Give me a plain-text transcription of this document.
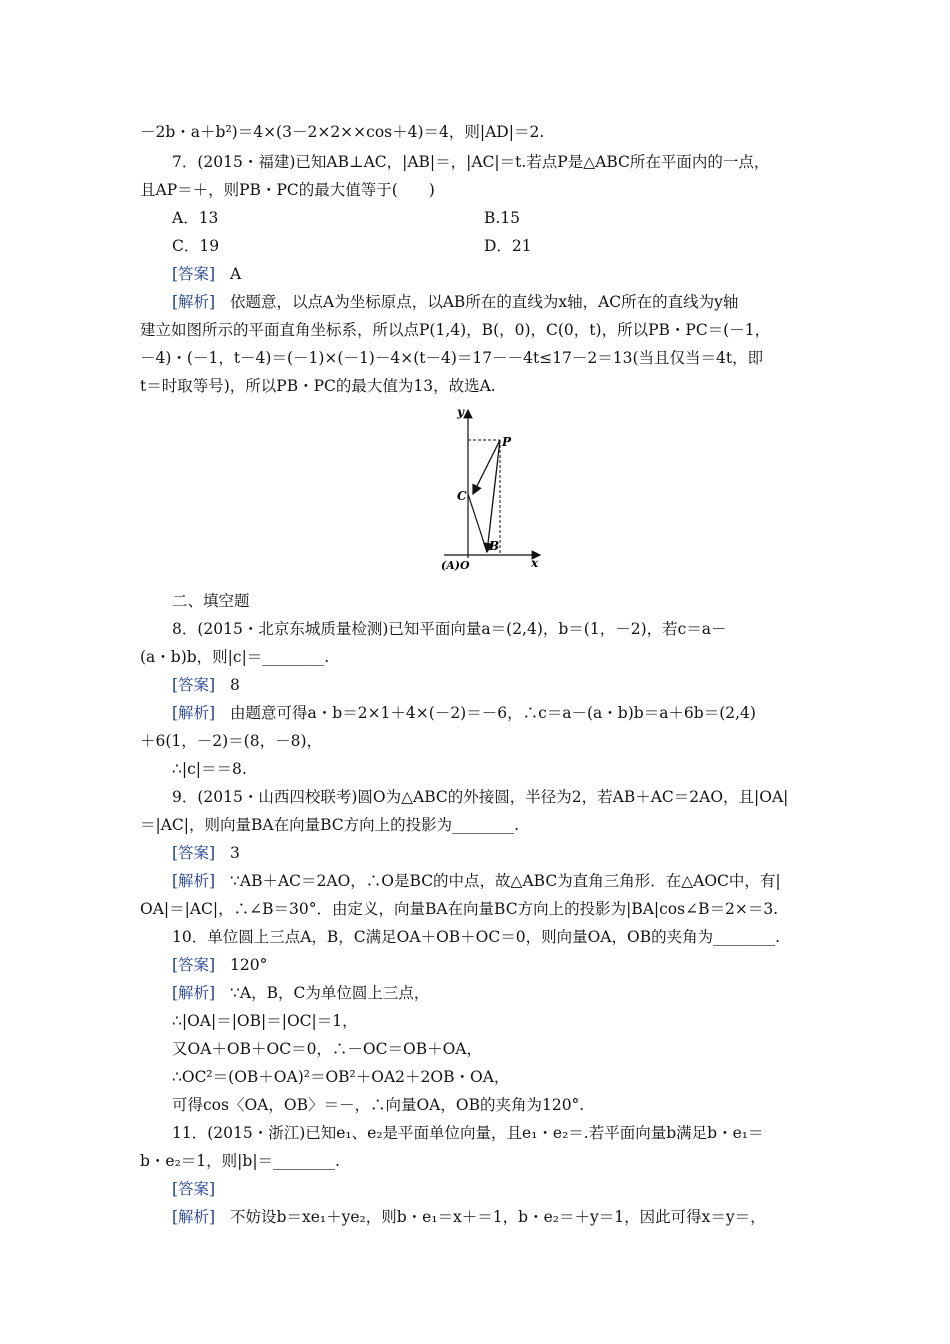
－2b・a＋b²)＝4×(3－2×2××cos＋4)＝4，则|AD|＝2.
7．(2015・福建)已知AB⊥AC，|AB|＝，|AC|＝t.若点P是△ABC所在平面内的一点，
且AP＝＋，则PB・PC的最大值等于(　　)
A．13	B.15
C．19	D．21
[答案] A
[解析] 依题意，以点A为坐标原点，以AB所在的直线为x轴，AC所在的直线为y轴
建立如图所示的平面直角坐标系，所以点P(1,4)，B(，0)，C(0，t)，所以PB・PC＝(－1，
－4)・(－1，t－4)＝(－1)×(－1)－4×(t－4)＝17－－4t≤17－2＝13(当且仅当＝4t，即
t＝时取等号)，所以PB・PC的最大值为13，故选A.
y
P
C
B
(A)O	x
二、填空题
8．(2015・北京东城质量检测)已知平面向量a＝(2,4)，b＝(1，－2)，若c＝a－
(a・b)b，则|c|＝________.
[答案] 8
[解析] 由题意可得a・b＝2×1＋4×(－2)＝－6，∴c＝a－(a・b)b＝a＋6b＝(2,4)
＋6(1，－2)＝(8，－8)，
∴|c|＝＝8.
9．(2015・山西四校联考)圆O为△ABC的外接圆，半径为2，若AB＋AC＝2AO，且|OA|
＝|AC|，则向量BA在向量BC方向上的投影为________.
[答案] 3
[解析] ∵AB＋AC＝2AO，∴O是BC的中点，故△ABC为直角三角形．在△AOC中，有|
OA|＝|AC|，∴∠B＝30°．由定义，向量BA在向量BC方向上的投影为|BA|cos∠B＝2×＝3.
10．单位圆上三点A，B，C满足OA＋OB＋OC＝0，则向量OA，OB的夹角为________.
[答案] 120°
[解析] ∵A，B，C为单位圆上三点，
∴|OA|＝|OB|＝|OC|＝1，
又OA＋OB＋OC＝0，∴－OC＝OB＋OA，
∴OC²＝(OB＋OA)²＝OB²＋OA2＋2OB・OA，
可得cos〈OA，OB〉＝－，∴向量OA，OB的夹角为120°.
11．(2015・浙江)已知e₁、e₂是平面单位向量，且e₁・e₂＝.若平面向量b满足b・e₁＝
b・e₂＝1，则|b|＝________.
[答案]
[解析] 不妨设b＝xe₁＋ye₂，则b・e₁＝x＋＝1，b・e₂＝＋y＝1，因此可得x＝y＝，
